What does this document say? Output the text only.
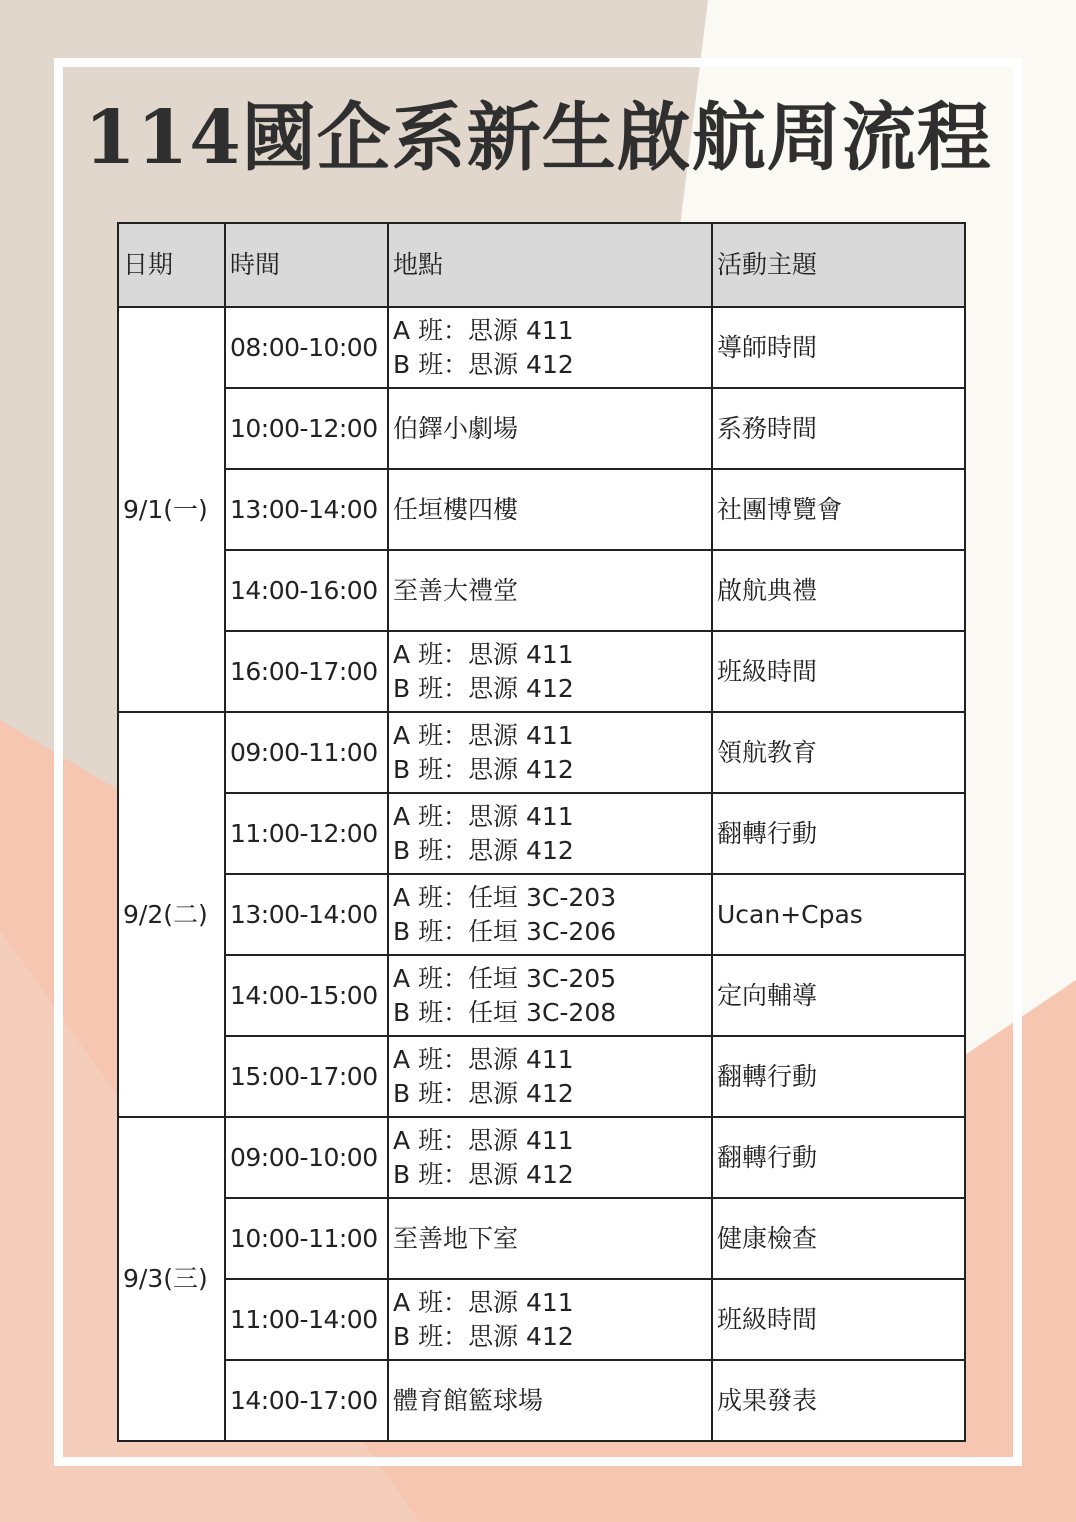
114國企系新生啟航周流程
日期	時間	地點	活動主題
9/1(一)	08:00-10:00	A 班：思源 411
B 班：思源 412	導師時間
	10:00-12:00	伯鐸小劇場	系務時間
	13:00-14:00	任垣樓四樓	社團博覽會
	14:00-16:00	至善大禮堂	啟航典禮
	16:00-17:00	A 班：思源 411
B 班：思源 412	班級時間
9/2(二)	09:00-11:00	A 班：思源 411
B 班：思源 412	領航教育
	11:00-12:00	A 班：思源 411
B 班：思源 412	翻轉行動
	13:00-14:00	A 班：任垣 3C-203
B 班：任垣 3C-206	Ucan+Cpas
	14:00-15:00	A 班：任垣 3C-205
B 班：任垣 3C-208	定向輔導
	15:00-17:00	A 班：思源 411
B 班：思源 412	翻轉行動
9/3(三)	09:00-10:00	A 班：思源 411
B 班：思源 412	翻轉行動
	10:00-11:00	至善地下室	健康檢查
	11:00-14:00	A 班：思源 411
B 班：思源 412	班級時間
	14:00-17:00	體育館籃球場	成果發表
